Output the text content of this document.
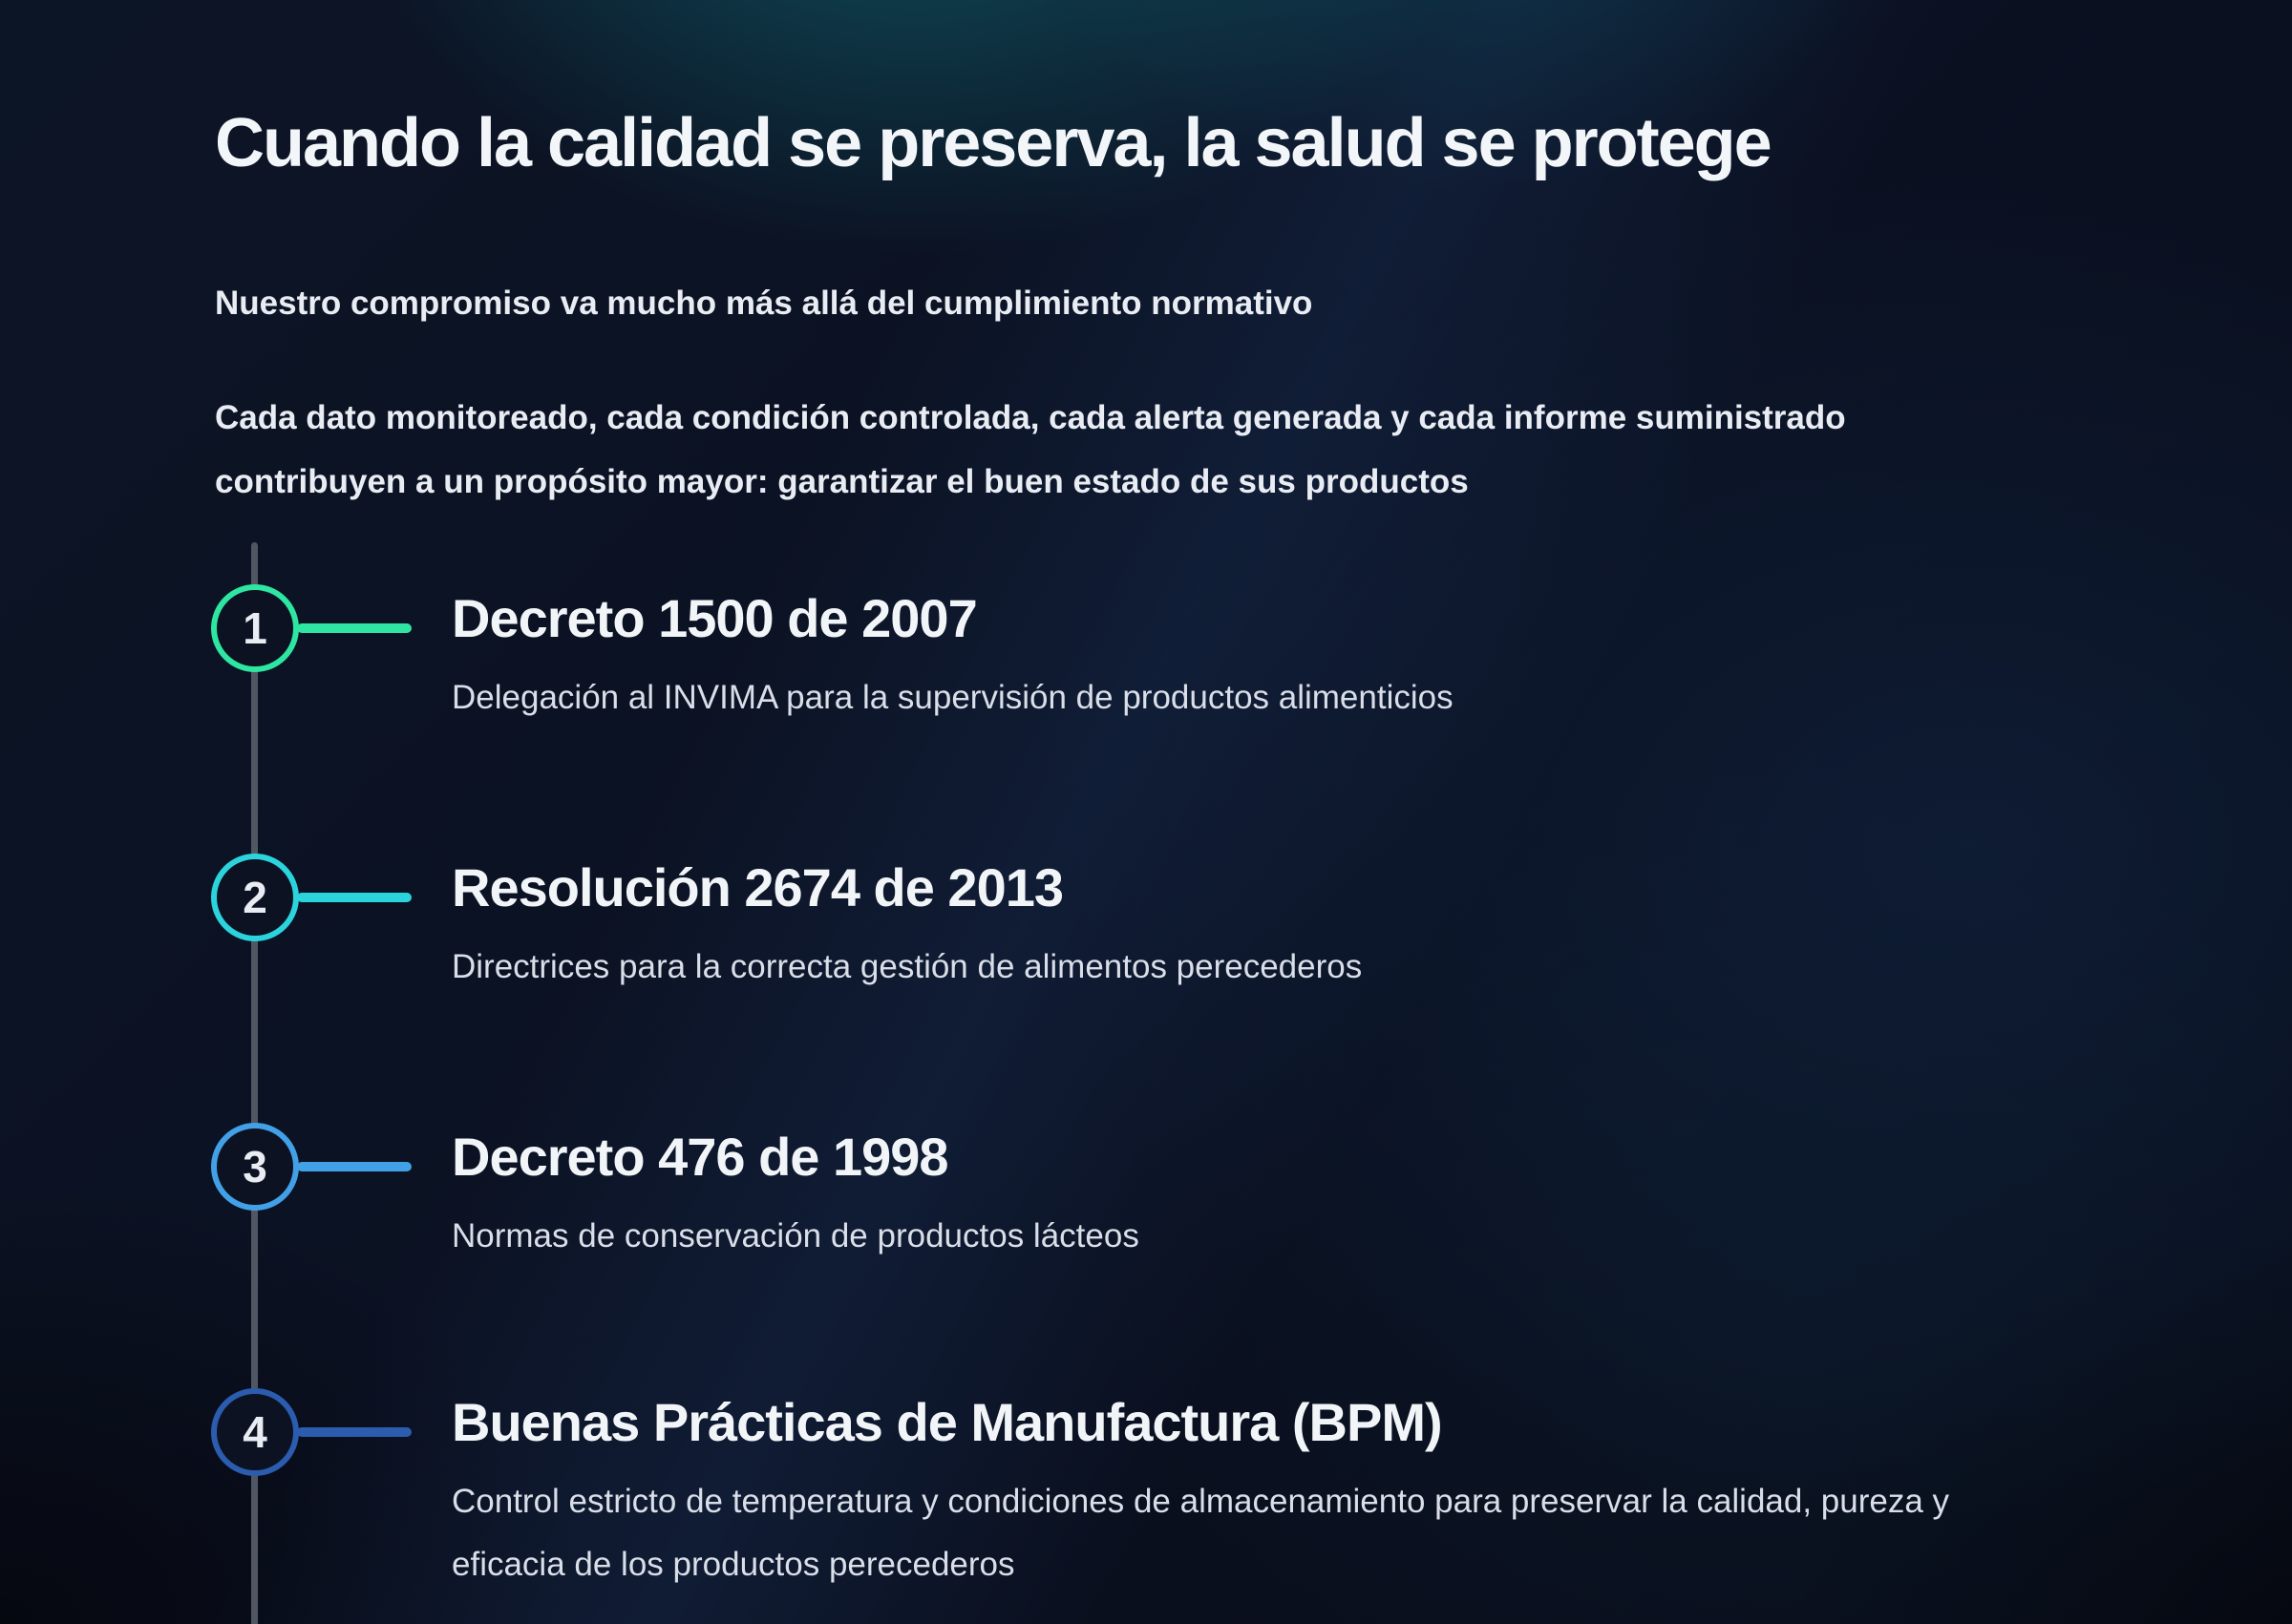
Cuando la calidad se preserva, la salud se protege

Nuestro compromiso va mucho más allá del cumplimiento normativo

Cada dato monitoreado, cada condición controlada, cada alerta generada y cada informe suministrado contribuyen a un propósito mayor: garantizar el buen estado de sus productos

1	Decreto 1500 de 2007

Delegación al INVIMA para la supervisión de productos alimenticios

2	Resolución 2674 de 2013

Directrices para la correcta gestión de alimentos perecederos

3	Decreto 476 de 1998

Normas de conservación de productos lácteos

4	Buenas Prácticas de Manufactura (BPM)

Control estricto de temperatura y condiciones de almacenamiento para preservar la calidad, pureza y eficacia de los productos perecederos
